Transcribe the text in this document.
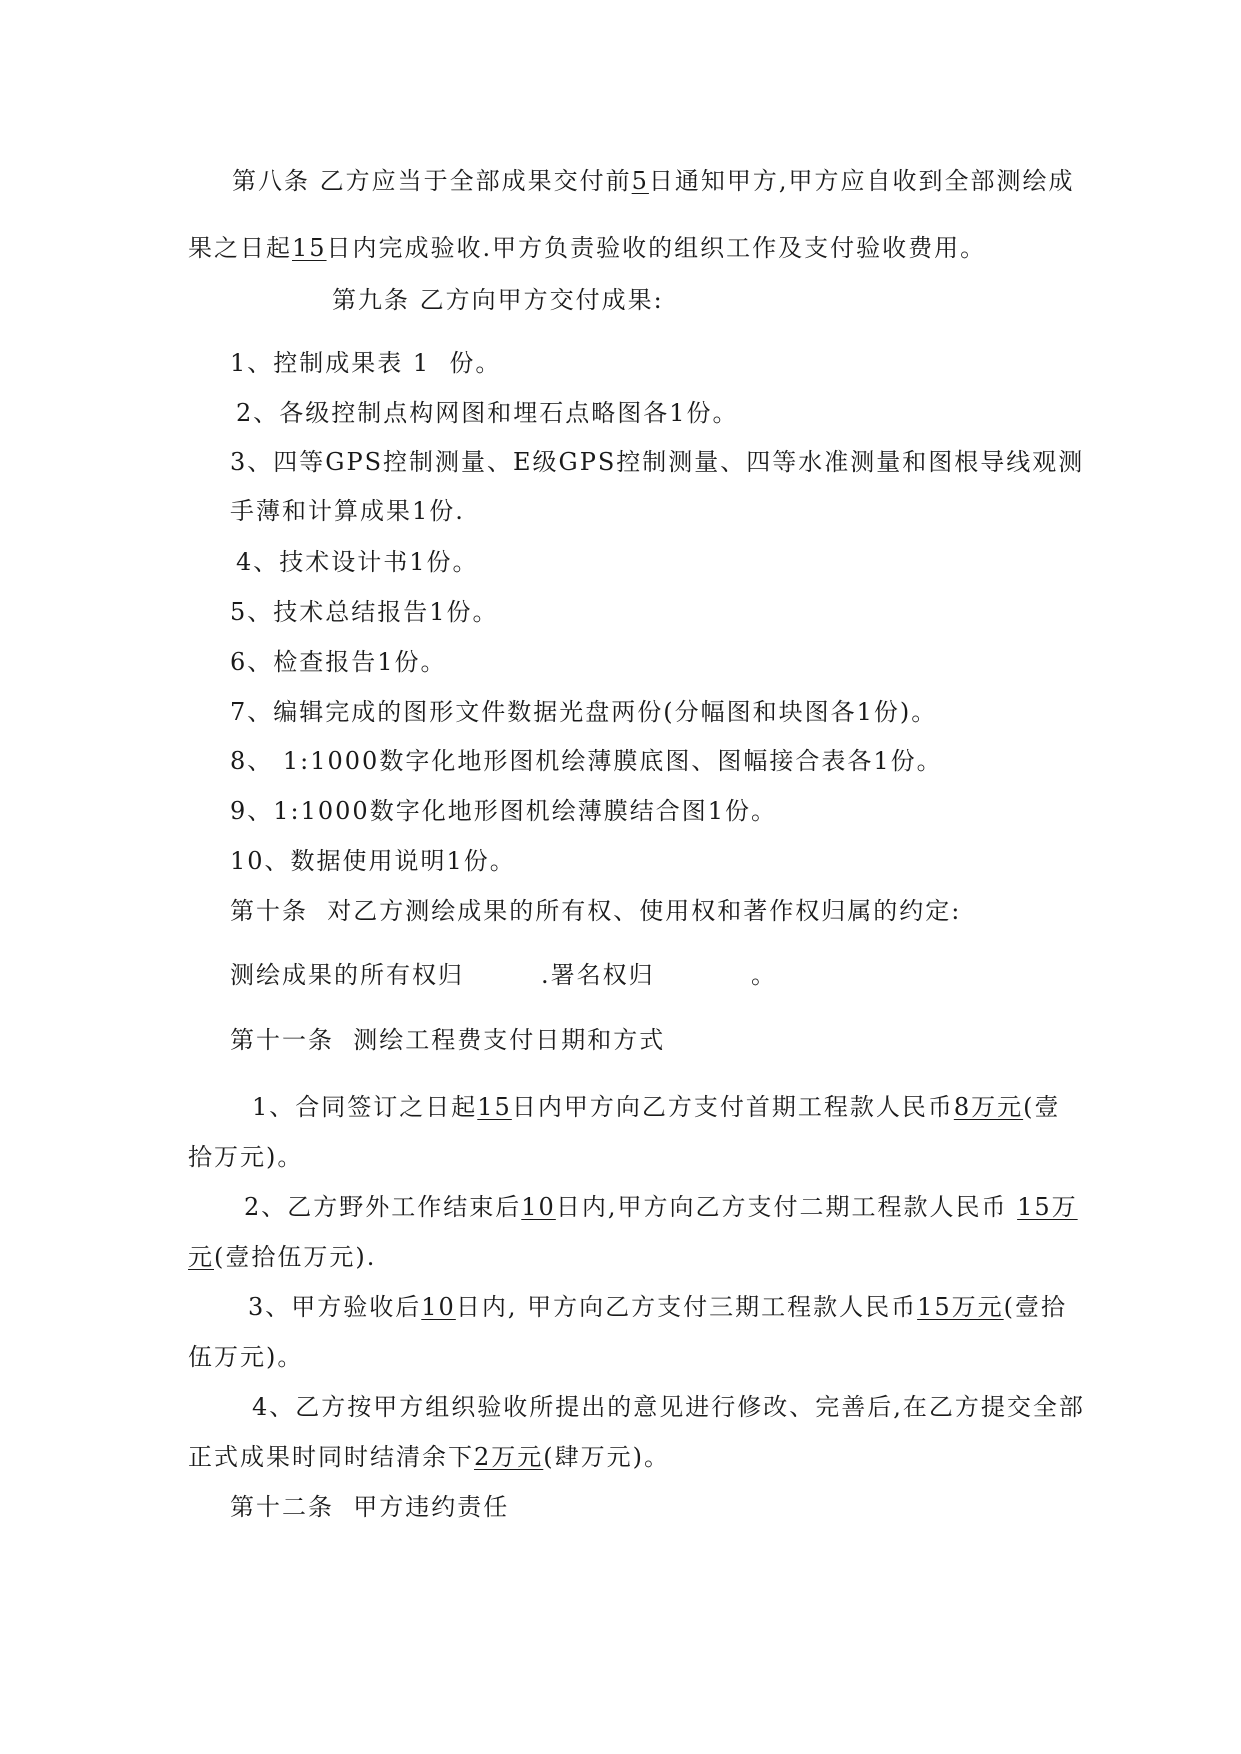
第八条 乙方应当于全部成果交付前5日通知甲方,甲方应自收到全部测绘成
果之日起15日内完成验收.甲方负责验收的组织工作及支付验收费用。
第九条 乙方向甲方交付成果:
1、控制成果表 1  份。
2、各级控制点构网图和埋石点略图各1份。
3、四等GPS控制测量、E级GPS控制测量、四等水准测量和图根导线观测
手薄和计算成果1份.
4、技术设计书1份。
5、技术总结报告1份。
6、检查报告1份。
7、编辑完成的图形文件数据光盘两份(分幅图和块图各1份)。
8、 1:1000数字化地形图机绘薄膜底图、图幅接合表各1份。
9、1:1000数字化地形图机绘薄膜结合图1份。
10、数据使用说明1份。
第十条  对乙方测绘成果的所有权、使用权和著作权归属的约定:
测绘成果的所有权归        .署名权归          。
第十一条  测绘工程费支付日期和方式
1、合同签订之日起15日内甲方向乙方支付首期工程款人民币8万元(壹
拾万元)。
2、乙方野外工作结束后10日内,甲方向乙方支付二期工程款人民币 15万
元(壹拾伍万元).
3、甲方验收后10日内, 甲方向乙方支付三期工程款人民币15万元(壹拾
伍万元)。
4、乙方按甲方组织验收所提出的意见进行修改、完善后,在乙方提交全部
正式成果时同时结清余下2万元(肆万元)。
第十二条  甲方违约责任
